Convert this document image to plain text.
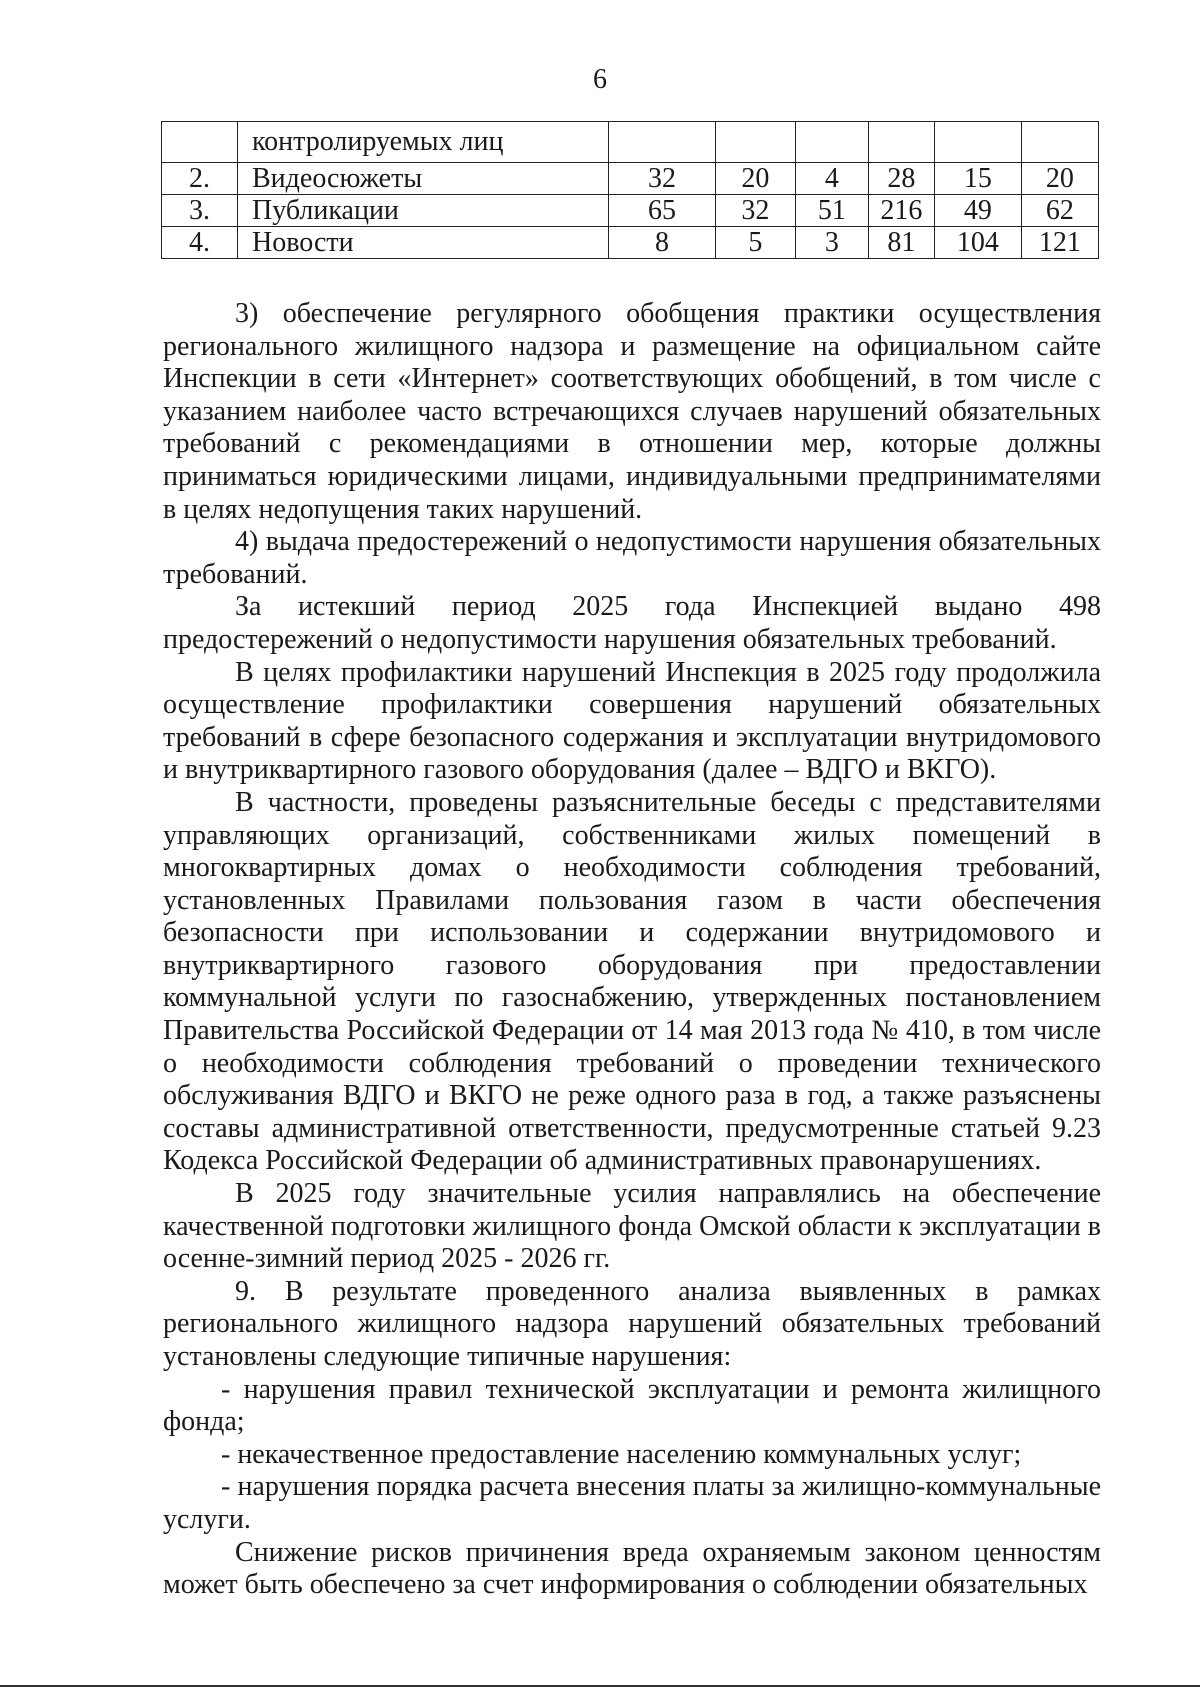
6
	контролируемых лиц						
2.	Видеосюжеты	32	20	4	28	15	20
3.	Публикации	65	32	51	216	49	62
4.	Новости	8	5	3	81	104	121

3) обеспечение регулярного обобщения практики осуществления регионального жилищного надзора и размещение на официальном сайте Инспекции в сети «Интернет» соответствующих обобщений, в том числе с указанием наиболее часто встречающихся случаев нарушений обязательных требований с рекомендациями в отношении мер, которые должны приниматься юридическими лицами, индивидуальными предпринимателями в целях недопущения таких нарушений.

4) выдача предостережений о недопустимости нарушения обязательных требований.

За истекший период 2025 года Инспекцией выдано 498 предостережений о недопустимости нарушения обязательных требований.

В целях профилактики нарушений Инспекция в 2025 году продолжила осуществление профилактики совершения нарушений обязательных требований в сфере безопасного содержания и эксплуатации внутридомового и внутриквартирного газового оборудования (далее – ВДГО и ВКГО).

В частности, проведены разъяснительные беседы с представителями управляющих организаций, собственниками жилых помещений в многоквартирных домах о необходимости соблюдения требований, установленных Правилами пользования газом в части обеспечения безопасности при использовании и содержании внутридомового и внутриквартирного газового оборудования при предоставлении коммунальной услуги по газоснабжению, утвержденных постановлением Правительства Российской Федерации от 14 мая 2013 года № 410, в том числе о необходимости соблюдения требований о проведении технического обслуживания ВДГО и ВКГО не реже одного раза в год, а также разъяснены составы административной ответственности, предусмотренные статьей 9.23 Кодекса Российской Федерации об административных правонарушениях.

В 2025 году значительные усилия направлялись на обеспечение качественной подготовки жилищного фонда Омской области к эксплуатации в осенне-зимний период 2025 - 2026 гг.

9. В результате проведенного анализа выявленных в рамках регионального жилищного надзора нарушений обязательных требований установлены следующие типичные нарушения:

- нарушения правил технической эксплуатации и ремонта жилищного фонда;

- некачественное предоставление населению коммунальных услуг;

- нарушения порядка расчета внесения платы за жилищно-коммунальные услуги.

Снижение рисков причинения вреда охраняемым законом ценностям может быть обеспечено за счет информирования о соблюдении обязательных
